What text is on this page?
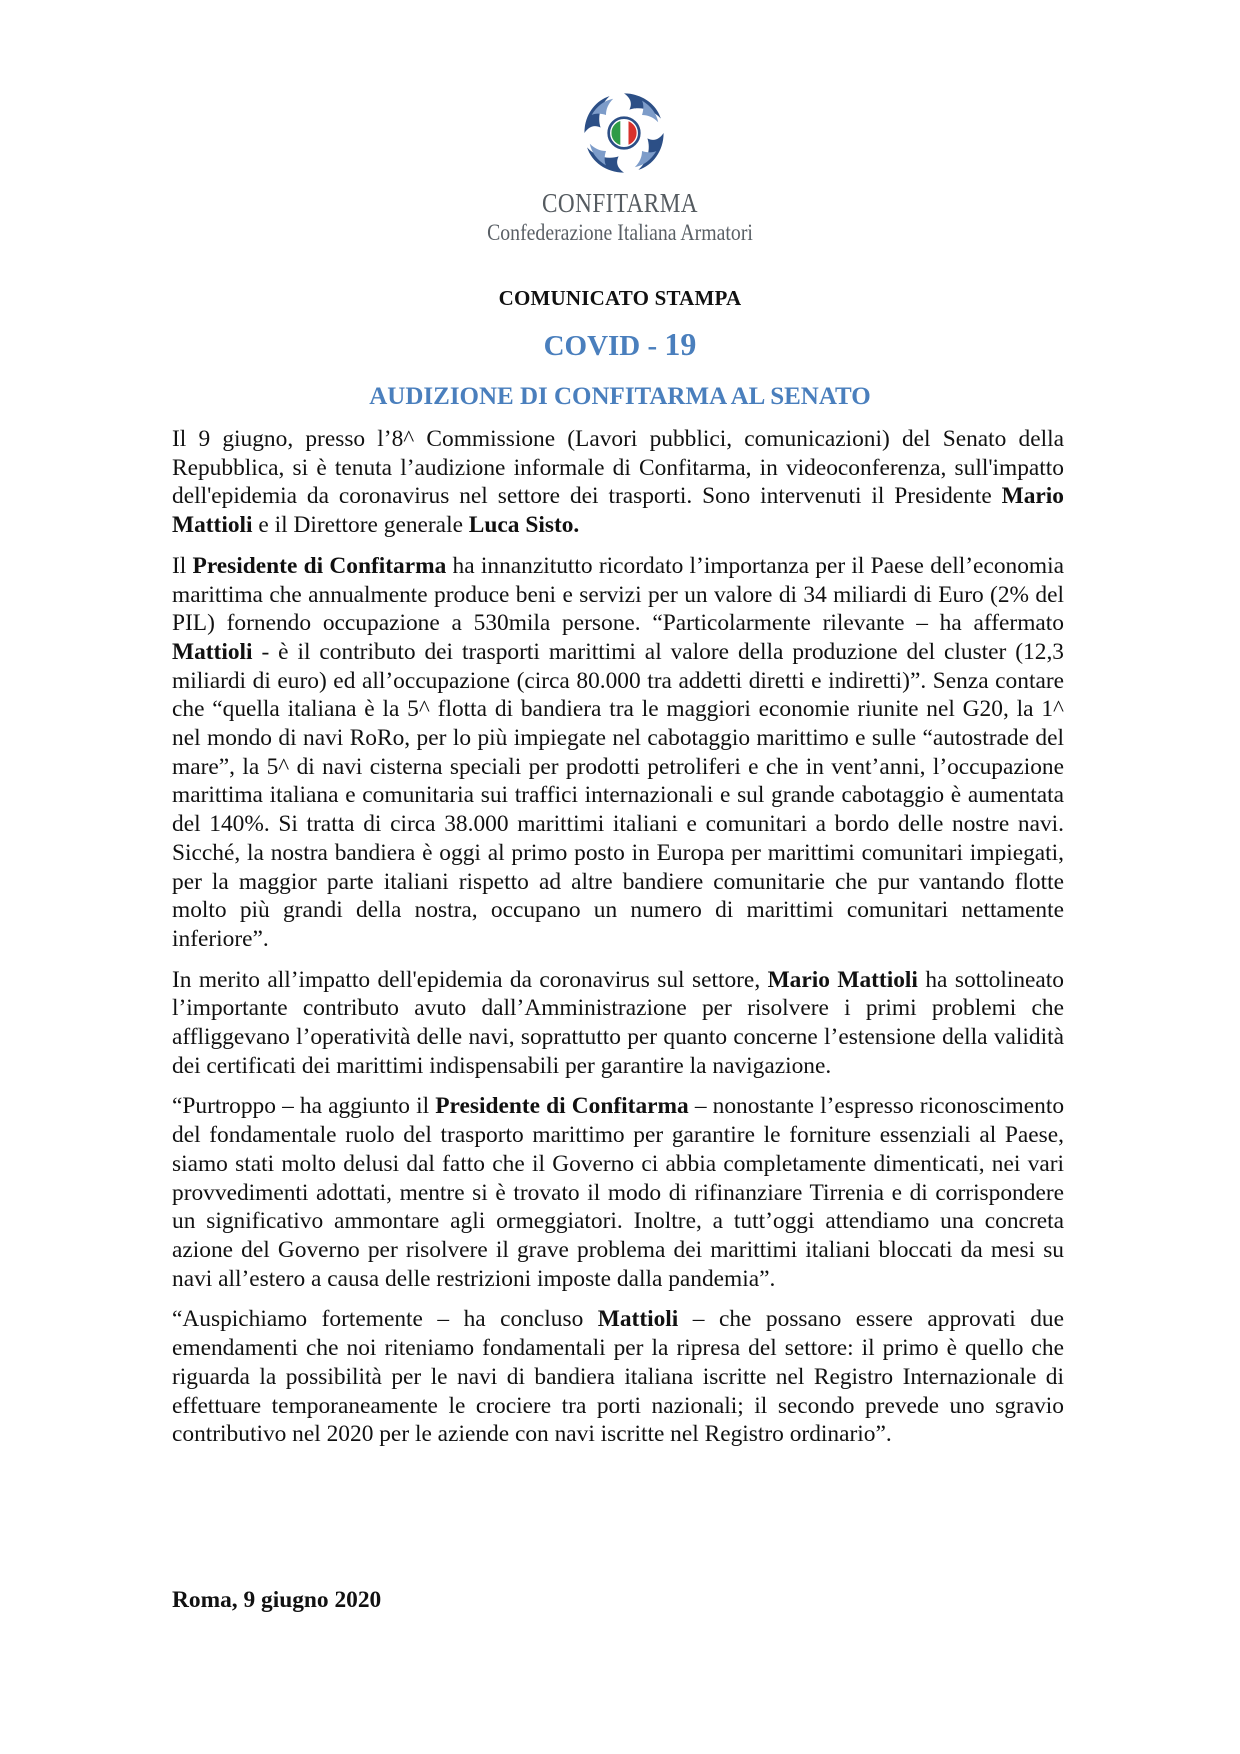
CONFITARMA
Confederazione Italiana Armatori
COMUNICATO STAMPA
COVID - 19
AUDIZIONE DI CONFITARMA AL SENATO

Il 9 giugno, presso l’8^ Commissione (Lavori pubblici, comunicazioni) del Senato della Repubblica, si è tenuta l’audizione informale di Confitarma, in videoconferenza, sull'impatto dell'epidemia da coronavirus nel settore dei trasporti. Sono intervenuti il Presidente Mario Mattioli e il Direttore generale Luca Sisto.

Il Presidente di Confitarma ha innanzitutto ricordato l’importanza per il Paese dell’economia marittima che annualmente produce beni e servizi per un valore di 34 miliardi di Euro (2% del PIL) fornendo occupazione a 530mila persone. “Particolarmente rilevante – ha affermato Mattioli - è il contributo dei trasporti marittimi al valore della produzione del cluster (12,3 miliardi di euro) ed all’occupazione (circa 80.000 tra addetti diretti e indiretti)”. Senza contare che “quella italiana è la 5^ flotta di bandiera tra le maggiori economie riunite nel G20, la 1^ nel mondo di navi RoRo, per lo più impiegate nel cabotaggio marittimo e sulle “autostrade del mare”, la 5^ di navi cisterna speciali per prodotti petroliferi e che in vent’anni, l’occupazione marittima italiana e comunitaria sui traffici internazionali e sul grande cabotaggio è aumentata del 140%. Si tratta di circa 38.000 marittimi italiani e comunitari a bordo delle nostre navi. Sicché, la nostra bandiera è oggi al primo posto in Europa per marittimi comunitari impiegati, per la maggior parte italiani rispetto ad altre bandiere comunitarie che pur vantando flotte molto più grandi della nostra, occupano un numero di marittimi comunitari nettamente inferiore”.

In merito all’impatto dell'epidemia da coronavirus sul settore, Mario Mattioli ha sottolineato l’importante contributo avuto dall’Amministrazione per risolvere i primi problemi che affliggevano l’operatività delle navi, soprattutto per quanto concerne l’estensione della validità dei certificati dei marittimi indispensabili per garantire la navigazione.

“Purtroppo – ha aggiunto il Presidente di Confitarma – nonostante l’espresso riconoscimento del fondamentale ruolo del trasporto marittimo per garantire le forniture essenziali al Paese, siamo stati molto delusi dal fatto che il Governo ci abbia completamente dimenticati, nei vari provvedimenti adottati, mentre si è trovato il modo di rifinanziare Tirrenia e di corrispondere un significativo ammontare agli ormeggiatori. Inoltre, a tutt’oggi attendiamo una concreta azione del Governo per risolvere il grave problema dei marittimi italiani bloccati da mesi su navi all’estero a causa delle restrizioni imposte dalla pandemia”.

“Auspichiamo fortemente – ha concluso Mattioli – che possano essere approvati due emendamenti che noi riteniamo fondamentali per la ripresa del settore: il primo è quello che riguarda la possibilità per le navi di bandiera italiana iscritte nel Registro Internazionale di effettuare temporaneamente le crociere tra porti nazionali; il secondo prevede uno sgravio contributivo nel 2020 per le aziende con navi iscritte nel Registro ordinario”.

Roma, 9 giugno 2020
